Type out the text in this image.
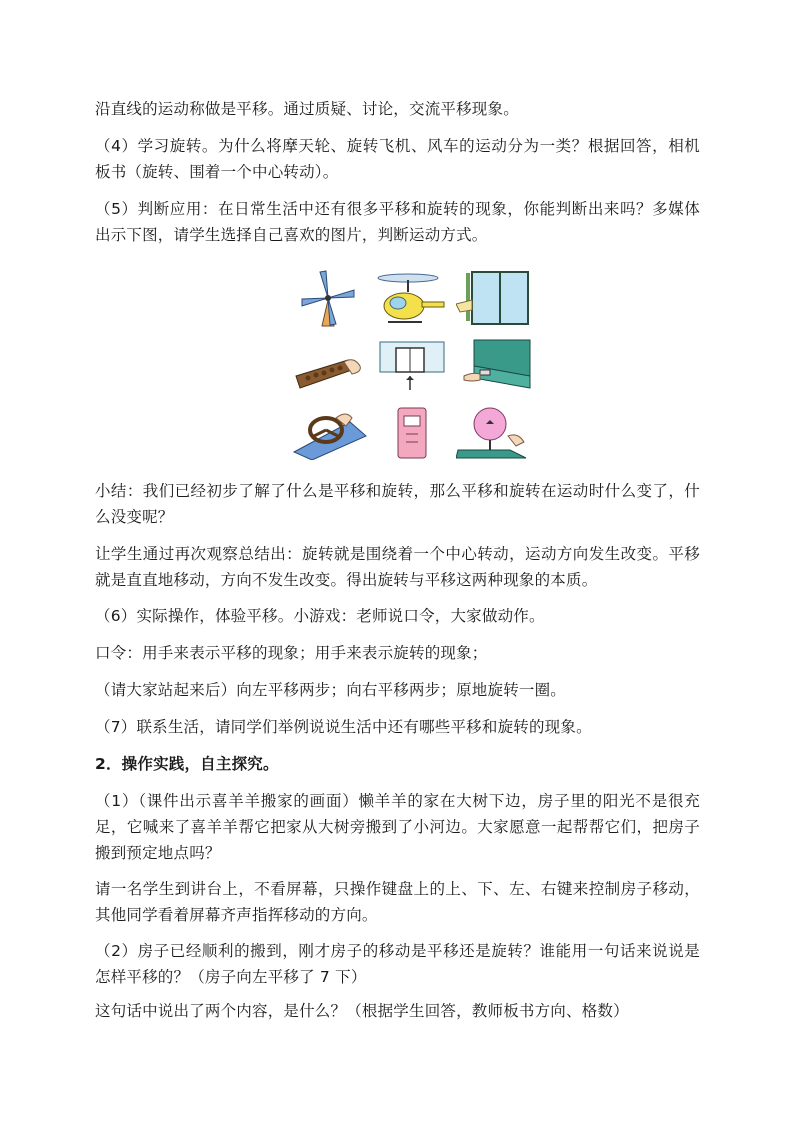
沿直线的运动称做是平移。通过质疑、讨论，交流平移现象。

（4）学习旋转。为什么将摩天轮、旋转飞机、风车的运动分为一类？根据回答，相机板书（旋转、围着一个中心转动）。

（5）判断应用：在日常生活中还有很多平移和旋转的现象，你能判断出来吗？多媒体出示下图，请学生选择自己喜欢的图片，判断运动方式。

小结：我们已经初步了解了什么是平移和旋转，那么平移和旋转在运动时什么变了，什么没变呢？

让学生通过再次观察总结出：旋转就是围绕着一个中心转动，运动方向发生改变。平移就是直直地移动，方向不发生改变。得出旋转与平移这两种现象的本质。

（6）实际操作，体验平移。小游戏：老师说口令，大家做动作。

口令：用手来表示平移的现象；用手来表示旋转的现象；

（请大家站起来后）向左平移两步；向右平移两步；原地旋转一圈。

（7）联系生活，请同学们举例说说生活中还有哪些平移和旋转的现象。

2．操作实践，自主探究。

（1）（课件出示喜羊羊搬家的画面）懒羊羊的家在大树下边，房子里的阳光不是很充足，它喊来了喜羊羊帮它把家从大树旁搬到了小河边。大家愿意一起帮帮它们，把房子搬到预定地点吗？

请一名学生到讲台上，不看屏幕，只操作键盘上的上、下、左、右键来控制房子移动，其他同学看着屏幕齐声指挥移动的方向。

（2）房子已经顺利的搬到，刚才房子的移动是平移还是旋转？谁能用一句话来说说是怎样平移的？（房子向左平移了 7 下）

这句话中说出了两个内容，是什么？（根据学生回答，教师板书方向、格数）
